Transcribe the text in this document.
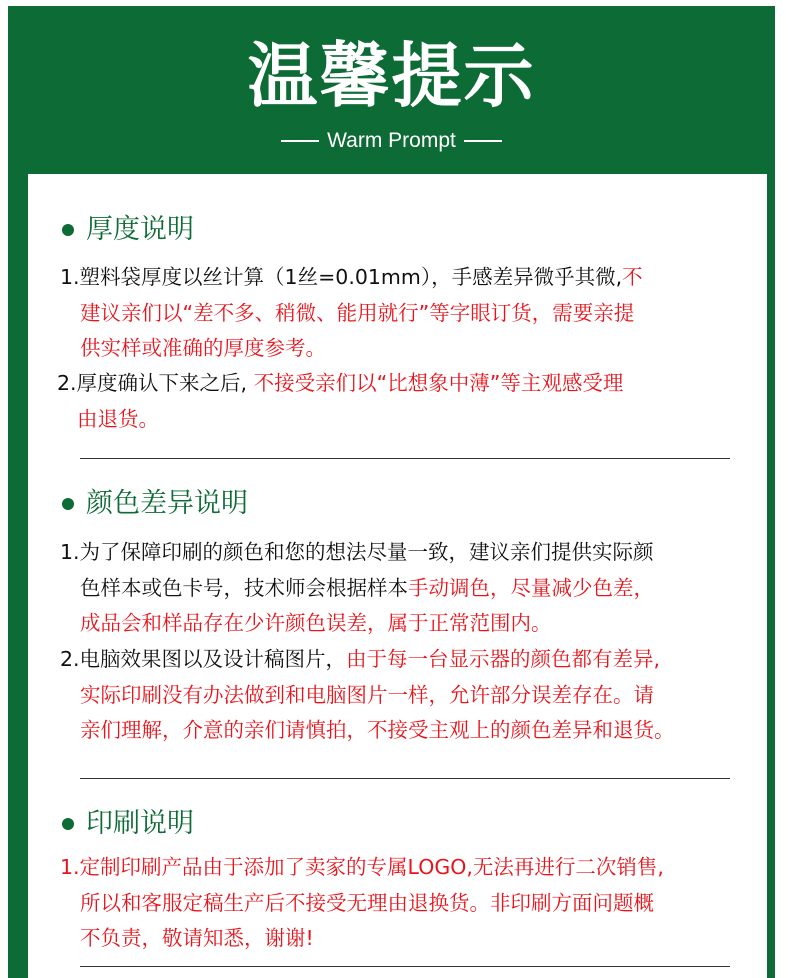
温馨提示
Warm Prompt
厚度说明
1.塑料袋厚度以丝计算（1丝=0.01mm），手感差异微乎其微,不
建议亲们以“差不多、稍微、能用就行”等字眼订货，需要亲提
供实样或准确的厚度参考。
2.厚度确认下来之后, 不接受亲们以“比想象中薄”等主观感受理
由退货。
颜色差异说明
1.为了保障印刷的颜色和您的想法尽量一致，建议亲们提供实际颜
色样本或色卡号，技术师会根据样本手动调色，尽量减少色差，
成品会和样品存在少许颜色误差，属于正常范围内。
2.电脑效果图以及设计稿图片，由于每一台显示器的颜色都有差异,
实际印刷没有办法做到和电脑图片一样，允许部分误差存在。请
亲们理解，介意的亲们请慎拍，不接受主观上的颜色差异和退货。
印刷说明
1.定制印刷产品由于添加了卖家的专属LOGO,无法再进行二次销售,
所以和客服定稿生产后不接受无理由退换货。非印刷方面问题概
不负责，敬请知悉，谢谢!
